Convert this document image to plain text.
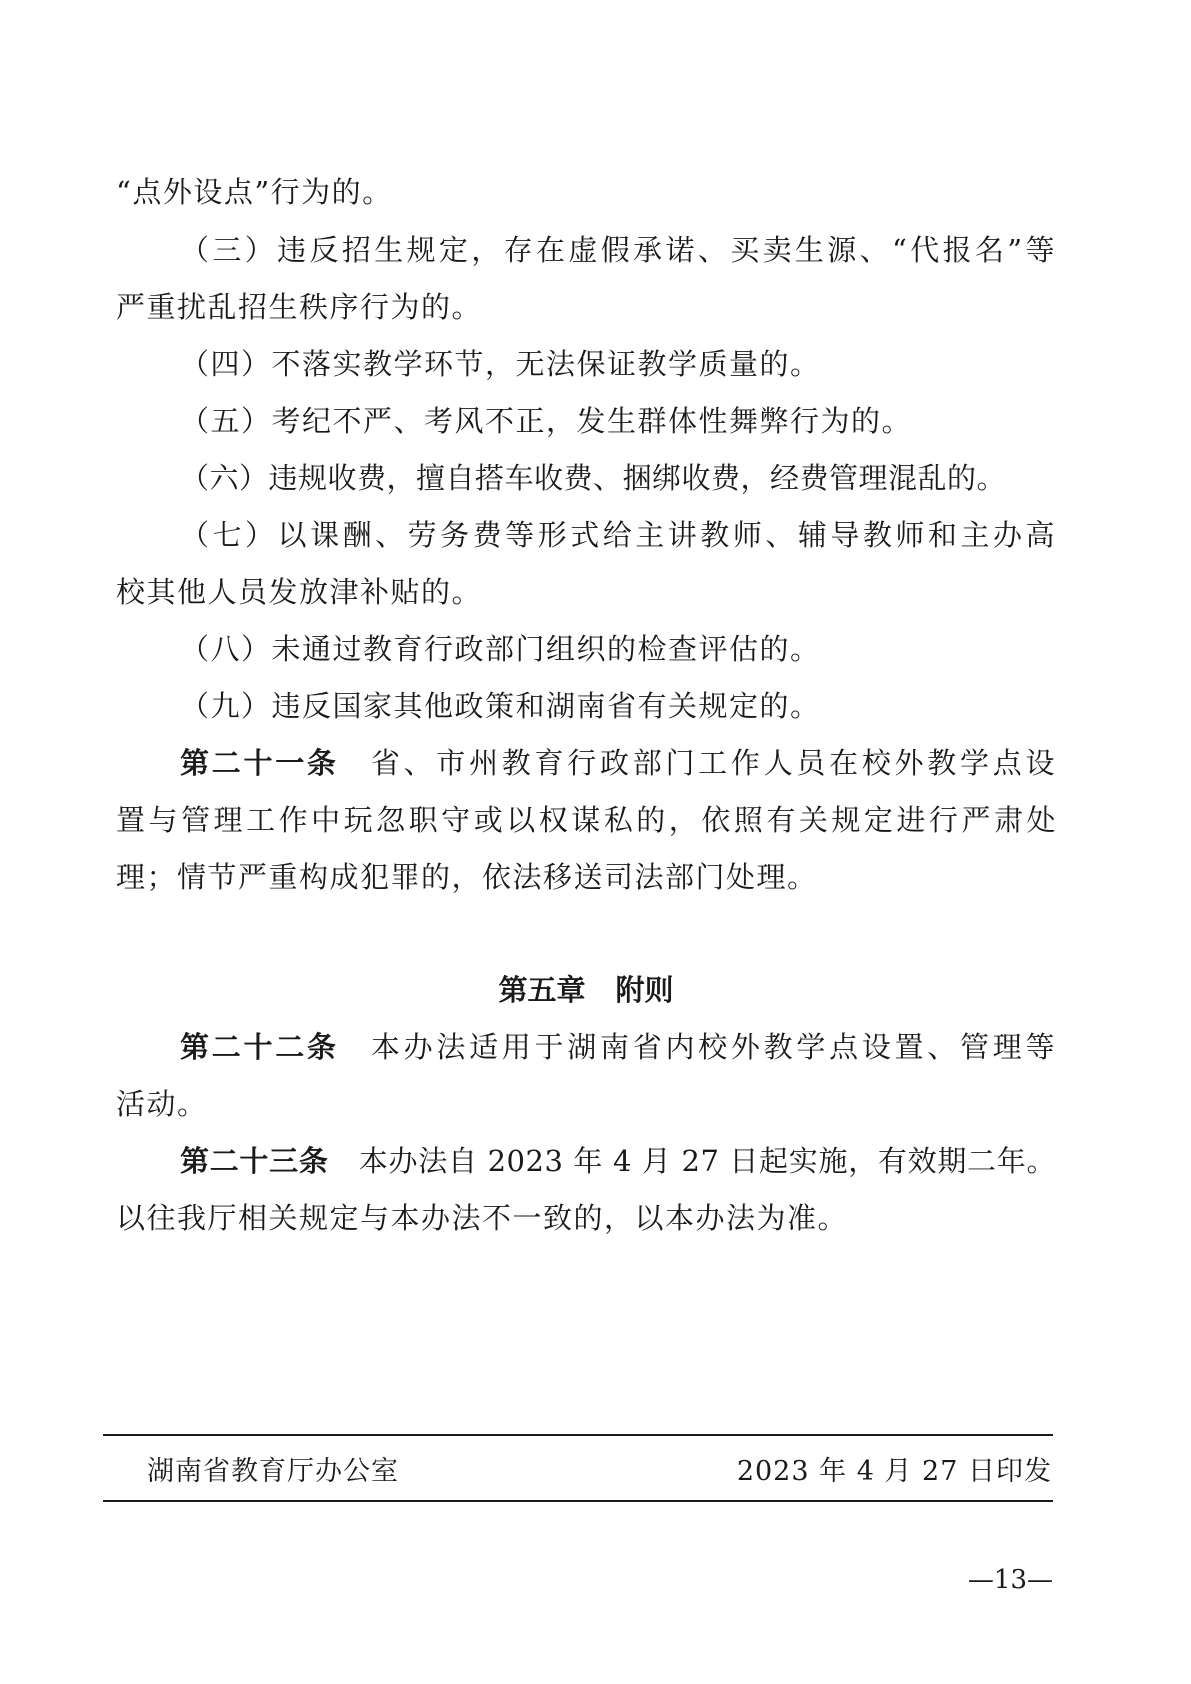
“点外设点”行为的。
（三）违反招生规定，存在虚假承诺、买卖生源、“代报名”等
严重扰乱招生秩序行为的。
（四）不落实教学环节，无法保证教学质量的。
（五）考纪不严、考风不正，发生群体性舞弊行为的。
（六）违规收费，擅自搭车收费、捆绑收费，经费管理混乱的。
（七）以课酬、劳务费等形式给主讲教师、辅导教师和主办高
校其他人员发放津补贴的。
（八）未通过教育行政部门组织的检查评估的。
（九）违反国家其他政策和湖南省有关规定的。
第二十一条 省、市州教育行政部门工作人员在校外教学点设
置与管理工作中玩忽职守或以权谋私的，依照有关规定进行严肃处
理；情节严重构成犯罪的，依法移送司法部门处理。
第五章 附则
第二十二条 本办法适用于湖南省内校外教学点设置、管理等
活动。
第二十三条 本办法自 2023 年 4 月 27 日起实施，有效期二年。
以往我厅相关规定与本办法不一致的，以本办法为准。
湖南省教育厅办公室	2023 年 4 月 27 日印发
—13—
